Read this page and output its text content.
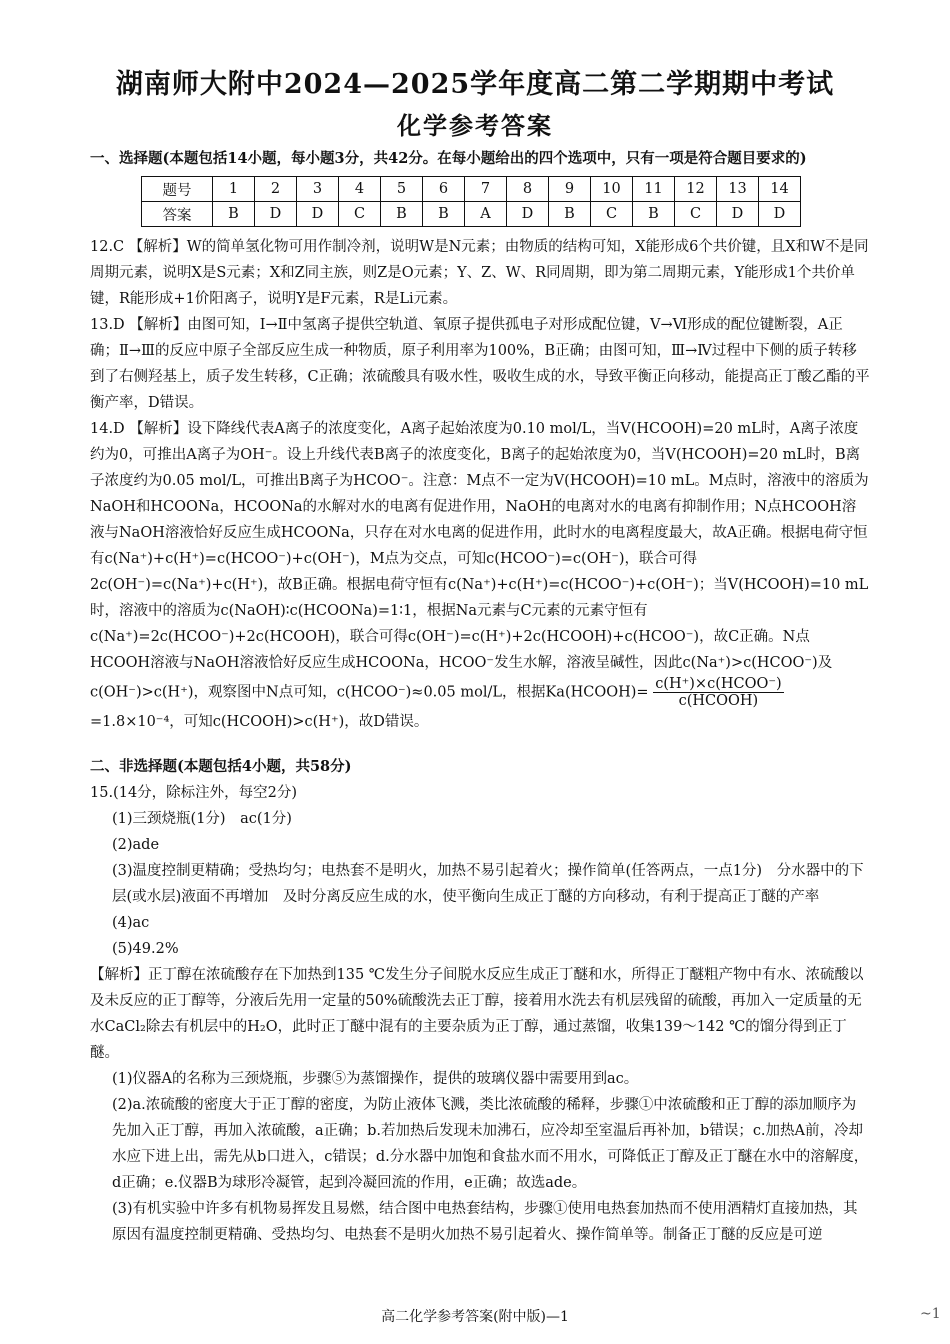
湖南师大附中2024—2025学年度高二第二学期期中考试
化学参考答案
一、选择题(本题包括14小题，每小题3分，共42分。在每小题给出的四个选项中，只有一项是符合题目要求的)
题号	1	2	3	4	5	6	7	8	9	10	11	12	13	14
答案	B	D	D	C	B	B	A	D	B	C	B	C	D	D
12.C 【解析】W的简单氢化物可用作制冷剂，说明W是N元素；由物质的结构可知，X能形成6个共价键，且X和W不是同周期元素，说明X是S元素；X和Z同主族，则Z是O元素；Y、Z、W、R同周期，即为第二周期元素，Y能形成1个共价单键，R能形成+1价阳离子，说明Y是F元素，R是Li元素。
13.D 【解析】由图可知，Ⅰ→Ⅱ中氢离子提供空轨道、氧原子提供孤电子对形成配位键，Ⅴ→Ⅵ形成的配位键断裂，A正确；Ⅱ→Ⅲ的反应中原子全部反应生成一种物质，原子利用率为100%，B正确；由图可知，Ⅲ→Ⅳ过程中下侧的质子转移到了右侧羟基上，质子发生转移，C正确；浓硫酸具有吸水性，吸收生成的水，导致平衡正向移动，能提高正丁酸乙酯的平衡产率，D错误。
14.D 【解析】设下降线代表A离子的浓度变化，A离子起始浓度为0.10 mol/L，当V(HCOOH)=20 mL时，A离子浓度约为0，可推出A离子为OH⁻。设上升线代表B离子的浓度变化，B离子的起始浓度为0，当V(HCOOH)=20 mL时，B离子浓度约为0.05 mol/L，可推出B离子为HCOO⁻。注意：M点不一定为V(HCOOH)=10 mL。M点时，溶液中的溶质为NaOH和HCOONa，HCOONa的水解对水的电离有促进作用，NaOH的电离对水的电离有抑制作用；N点HCOOH溶液与NaOH溶液恰好反应生成HCOONa，只存在对水电离的促进作用，此时水的电离程度最大，故A正确。根据电荷守恒有c(Na⁺)+c(H⁺)=c(HCOO⁻)+c(OH⁻)，M点为交点，可知c(HCOO⁻)=c(OH⁻)，联合可得2c(OH⁻)=c(Na⁺)+c(H⁺)，故B正确。根据电荷守恒有c(Na⁺)+c(H⁺)=c(HCOO⁻)+c(OH⁻)；当V(HCOOH)=10 mL时，溶液中的溶质为c(NaOH)∶c(HCOONa)=1∶1，根据Na元素与C元素的元素守恒有c(Na⁺)=2c(HCOO⁻)+2c(HCOOH)，联合可得c(OH⁻)=c(H⁺)+2c(HCOOH)+c(HCOO⁻)，故C正确。N点HCOOH溶液与NaOH溶液恰好反应生成HCOONa，HCOO⁻发生水解，溶液呈碱性，因此c(Na⁺)>c(HCOO⁻)及c(OH⁻)>c(H⁺)，观察图中N点可知，c(HCOO⁻)≈0.05 mol/L，根据Ka(HCOOH)= $\frac{\text{c(H⁺)×c(HCOO⁻)}}{\text{c(HCOOH)}}$
=1.8×10⁻⁴，可知c(HCOOH)>c(H⁺)，故D错误。
二、非选择题(本题包括4小题，共58分)

15.(14分，除标注外，每空2分)

(1)三颈烧瓶(1分)　ac(1分)

(2)ade

(3)温度控制更精确；受热均匀；电热套不是明火，加热不易引起着火；操作简单(任答两点，一点1分)　分水器中的下层(或水层)液面不再增加　及时分离反应生成的水，使平衡向生成正丁醚的方向移动，有利于提高正丁醚的产率

(4)ac

(5)49.2%

【解析】正丁醇在浓硫酸存在下加热到135 ℃发生分子间脱水反应生成正丁醚和水，所得正丁醚粗产物中有水、浓硫酸以及未反应的正丁醇等，分液后先用一定量的50%硫酸洗去正丁醇，接着用水洗去有机层残留的硫酸，再加入一定质量的无水CaCl₂除去有机层中的H₂O，此时正丁醚中混有的主要杂质为正丁醇，通过蒸馏，收集139～142 ℃的馏分得到正丁醚。

(1)仪器A的名称为三颈烧瓶，步骤⑤为蒸馏操作，提供的玻璃仪器中需要用到ac。

(2)a.浓硫酸的密度大于正丁醇的密度，为防止液体飞溅，类比浓硫酸的稀释，步骤①中浓硫酸和正丁醇的添加顺序为先加入正丁醇，再加入浓硫酸，a正确；b.若加热后发现未加沸石，应冷却至室温后再补加，b错误；c.加热A前，冷却水应下进上出，需先从b口进入，c错误；d.分水器中加饱和食盐水而不用水，可降低正丁醇及正丁醚在水中的溶解度，d正确；e.仪器B为球形冷凝管，起到冷凝回流的作用，e正确；故选ade。

(3)有机实验中许多有机物易挥发且易燃，结合图中电热套结构，步骤①使用电热套加热而不使用酒精灯直接加热，其原因有温度控制更精确、受热均匀、电热套不是明火加热不易引起着火、操作简单等。制备正丁醚的反应是可逆

高二化学参考答案(附中版)—1	~1
